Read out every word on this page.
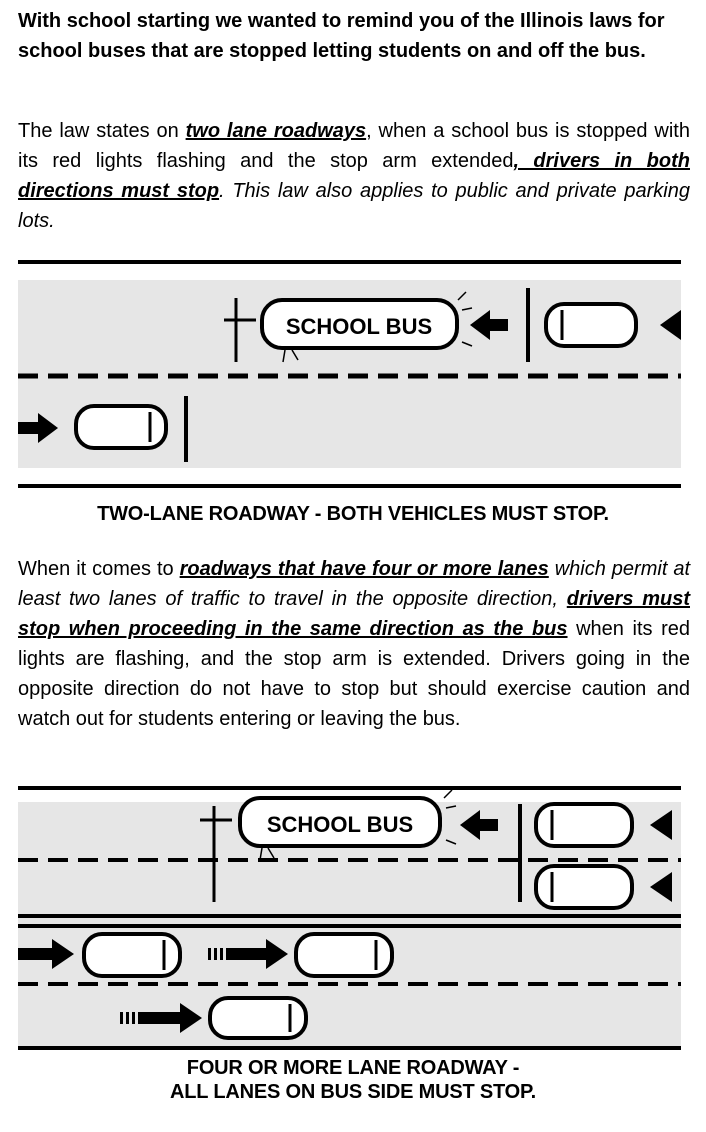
With school starting we wanted to remind you of the Illinois laws for school buses that are stopped letting students on and off the bus.
The law states on two lane roadways, when a school bus is stopped with its red lights flashing and the stop arm extended, drivers in both directions must stop. This law also applies to public and private parking lots.
SCHOOL BUS
TWO-LANE ROADWAY - BOTH VEHICLES MUST STOP.
When it comes to roadways that have four or more lanes which permit at least two lanes of traffic to travel in the opposite direction, drivers must stop when proceeding in the same direction as the bus when its red lights are flashing, and the stop arm is extended. Drivers going in the opposite direction do not have to stop but should exercise caution and watch out for students entering or leaving the bus.
SCHOOL BUS
FOUR OR MORE LANE ROADWAY -
ALL LANES ON BUS SIDE MUST STOP.
